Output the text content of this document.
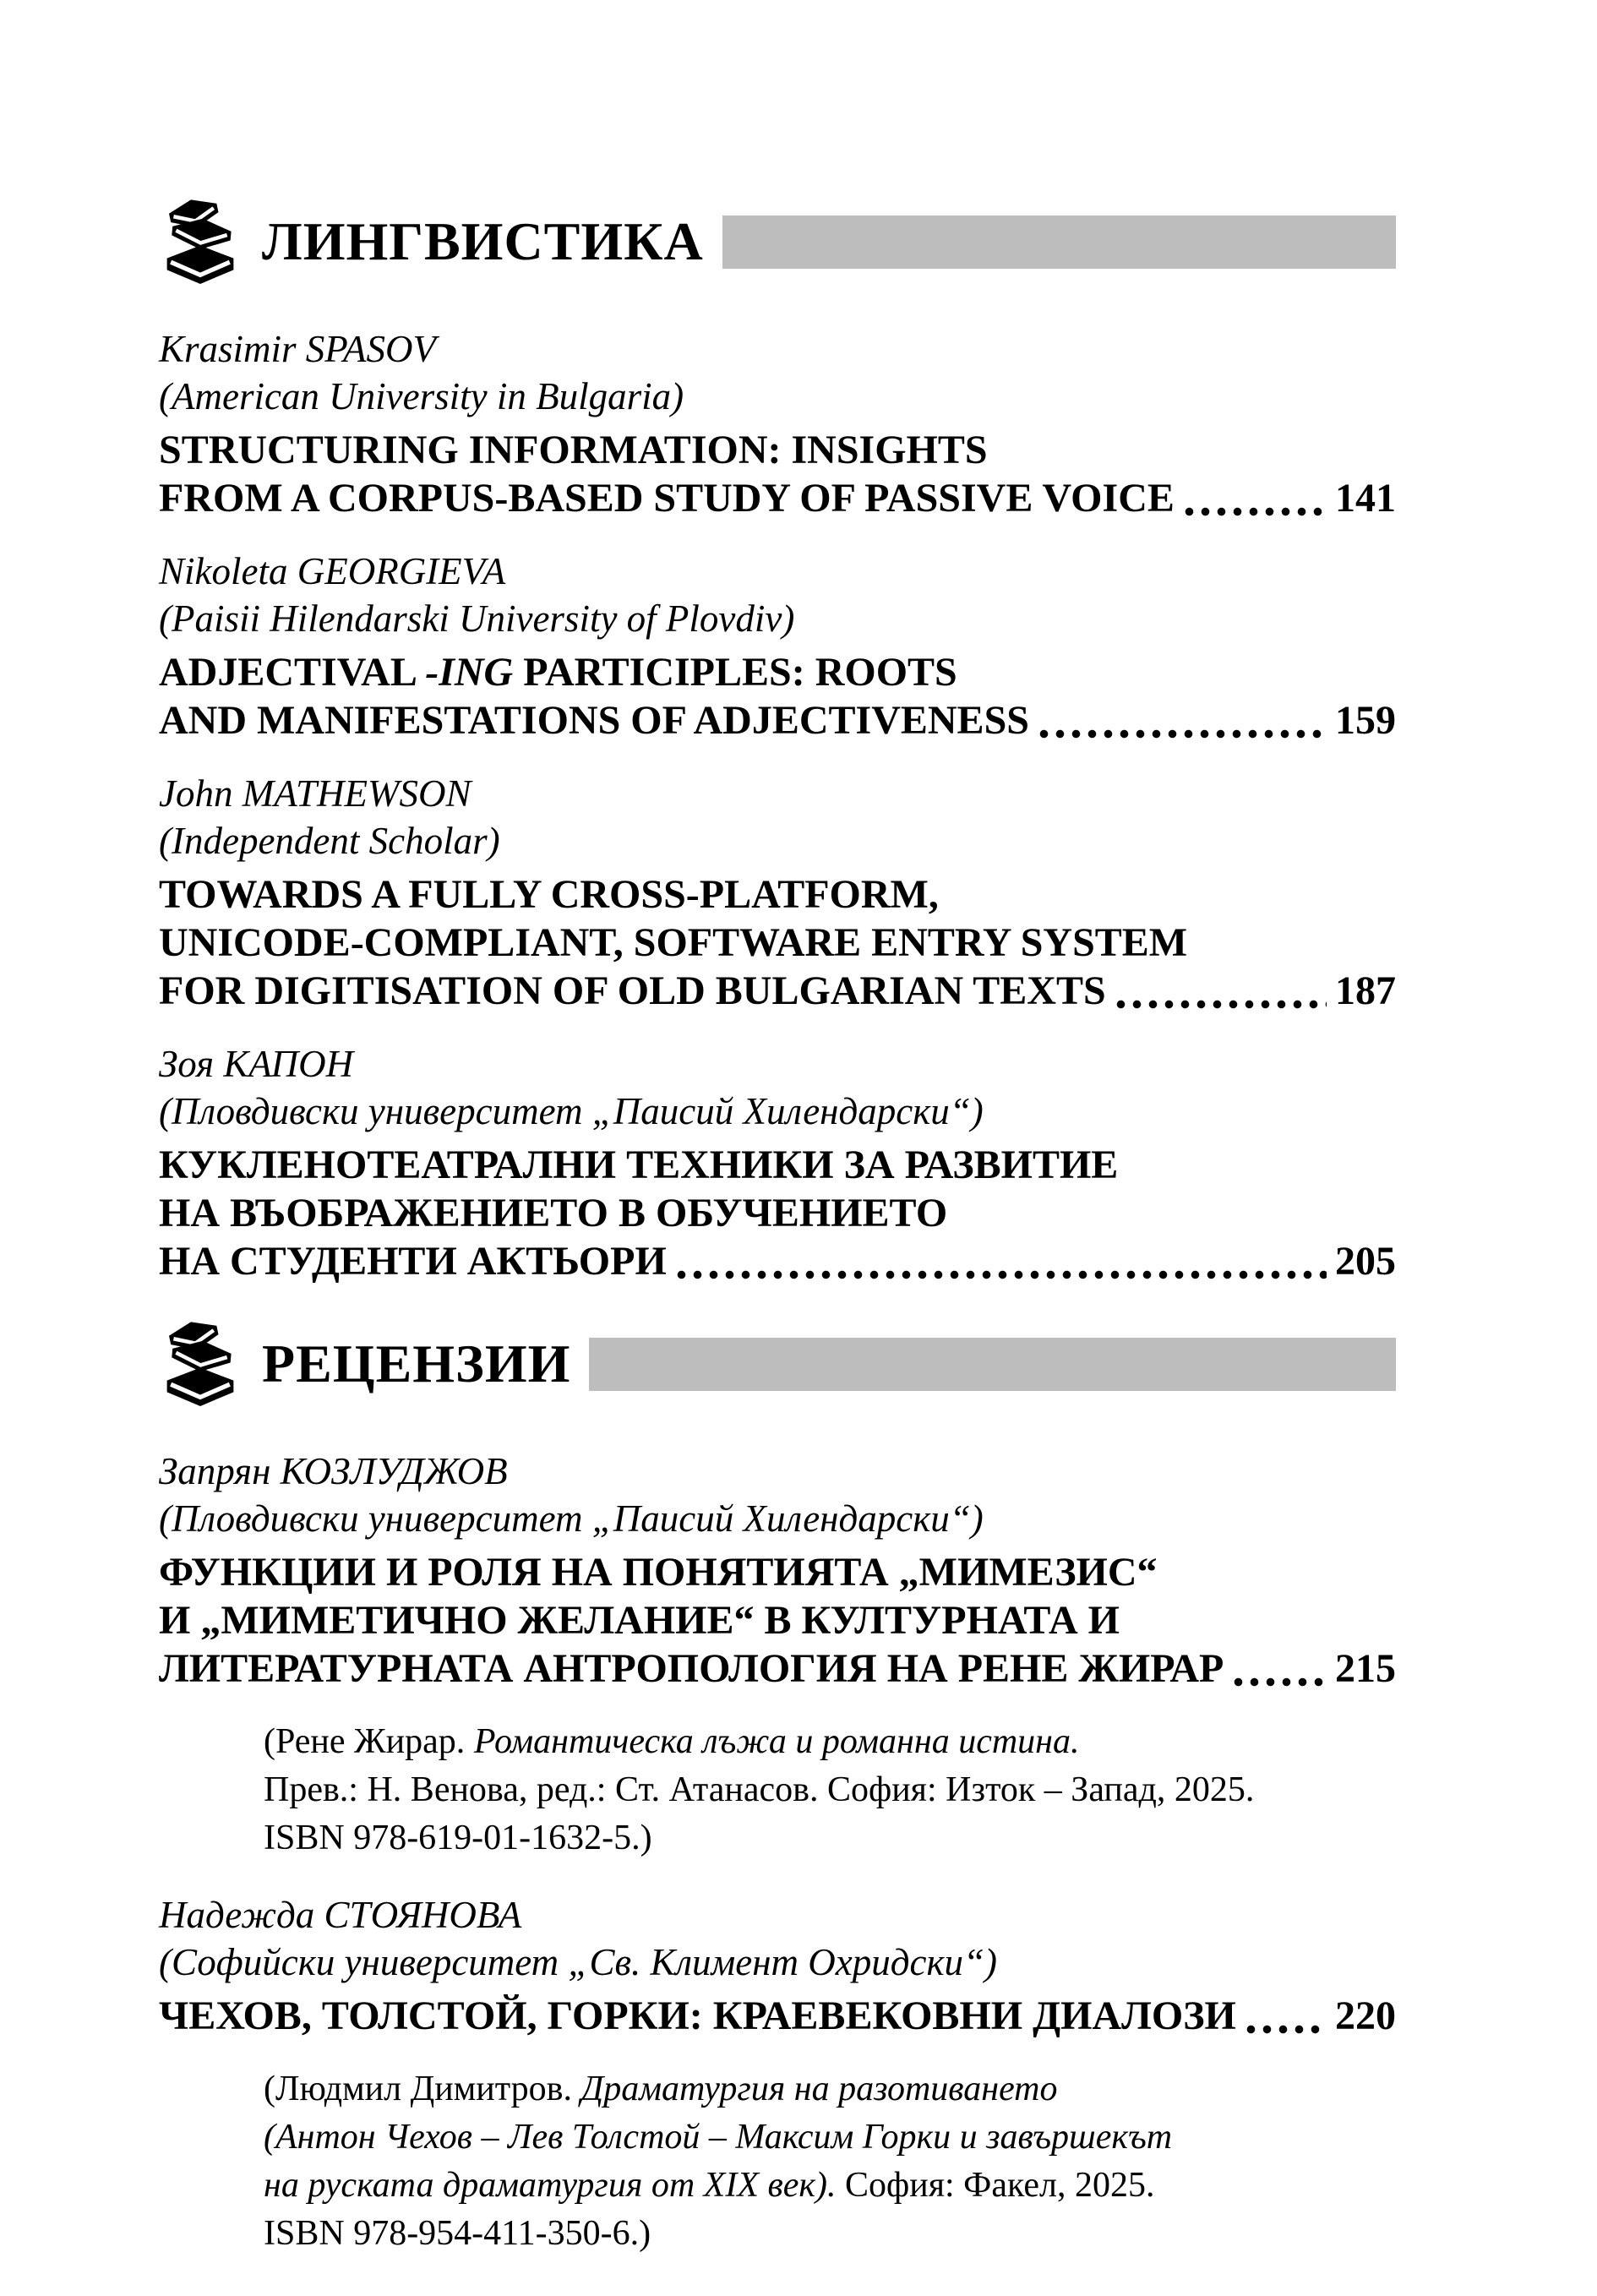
ЛИНГВИСТИКА
Krasimir SPASOV
(American University in Bulgaria)
STRUCTURING INFORMATION: INSIGHTS
FROM A CORPUS-BASED STUDY OF PASSIVE VOICE	141
Nikoleta GEORGIEVA
(Paisii Hilendarski University of Plovdiv)
ADJECTIVAL -ING PARTICIPLES: ROOTS
AND MANIFESTATIONS OF ADJECTIVENESS	159
John MATHEWSON
(Independent Scholar)
TOWARDS A FULLY CROSS-PLATFORM,
UNICODE-COMPLIANT, SOFTWARE ENTRY SYSTEM
FOR DIGITISATION OF OLD BULGARIAN TEXTS	187
Зоя КАПОН
(Пловдивски университет „Паисий Хилендарски“)
КУКЛЕНОТЕАТРАЛНИ ТЕХНИКИ ЗА РАЗВИТИЕ
НА ВЪОБРАЖЕНИЕТО В ОБУЧЕНИЕТО
НА СТУДЕНТИ АКТЬОРИ	205
РЕЦЕНЗИИ
Запрян КОЗЛУДЖОВ
(Пловдивски университет „Паисий Хилендарски“)
ФУНКЦИИ И РОЛЯ НА ПОНЯТИЯТА „МИМЕЗИС“
И „МИМЕТИЧНО ЖЕЛАНИЕ“ В КУЛТУРНАТА И
ЛИТЕРАТУРНАТА АНТРОПОЛОГИЯ НА РЕНЕ ЖИРАР	215
(Рене Жирар. Романтическа лъжа и романна истина.
Прев.: Н. Венова, ред.: Ст. Атанасов. София: Изток – Запад, 2025.
ISBN 978-619-01-1632-5.)
Надежда СТОЯНОВА
(Софийски университет „Св. Климент Охридски“)
ЧЕХОВ, ТОЛСТОЙ, ГОРКИ: КРАЕВЕКОВНИ ДИАЛОЗИ 220
(Людмил Димитров. Драматургия на разотиването
(Антон Чехов – Лев Толстой – Максим Горки и завършекът
на руската драматургия от XIX век). София: Факел, 2025.
ISBN 978-954-411-350-6.)
